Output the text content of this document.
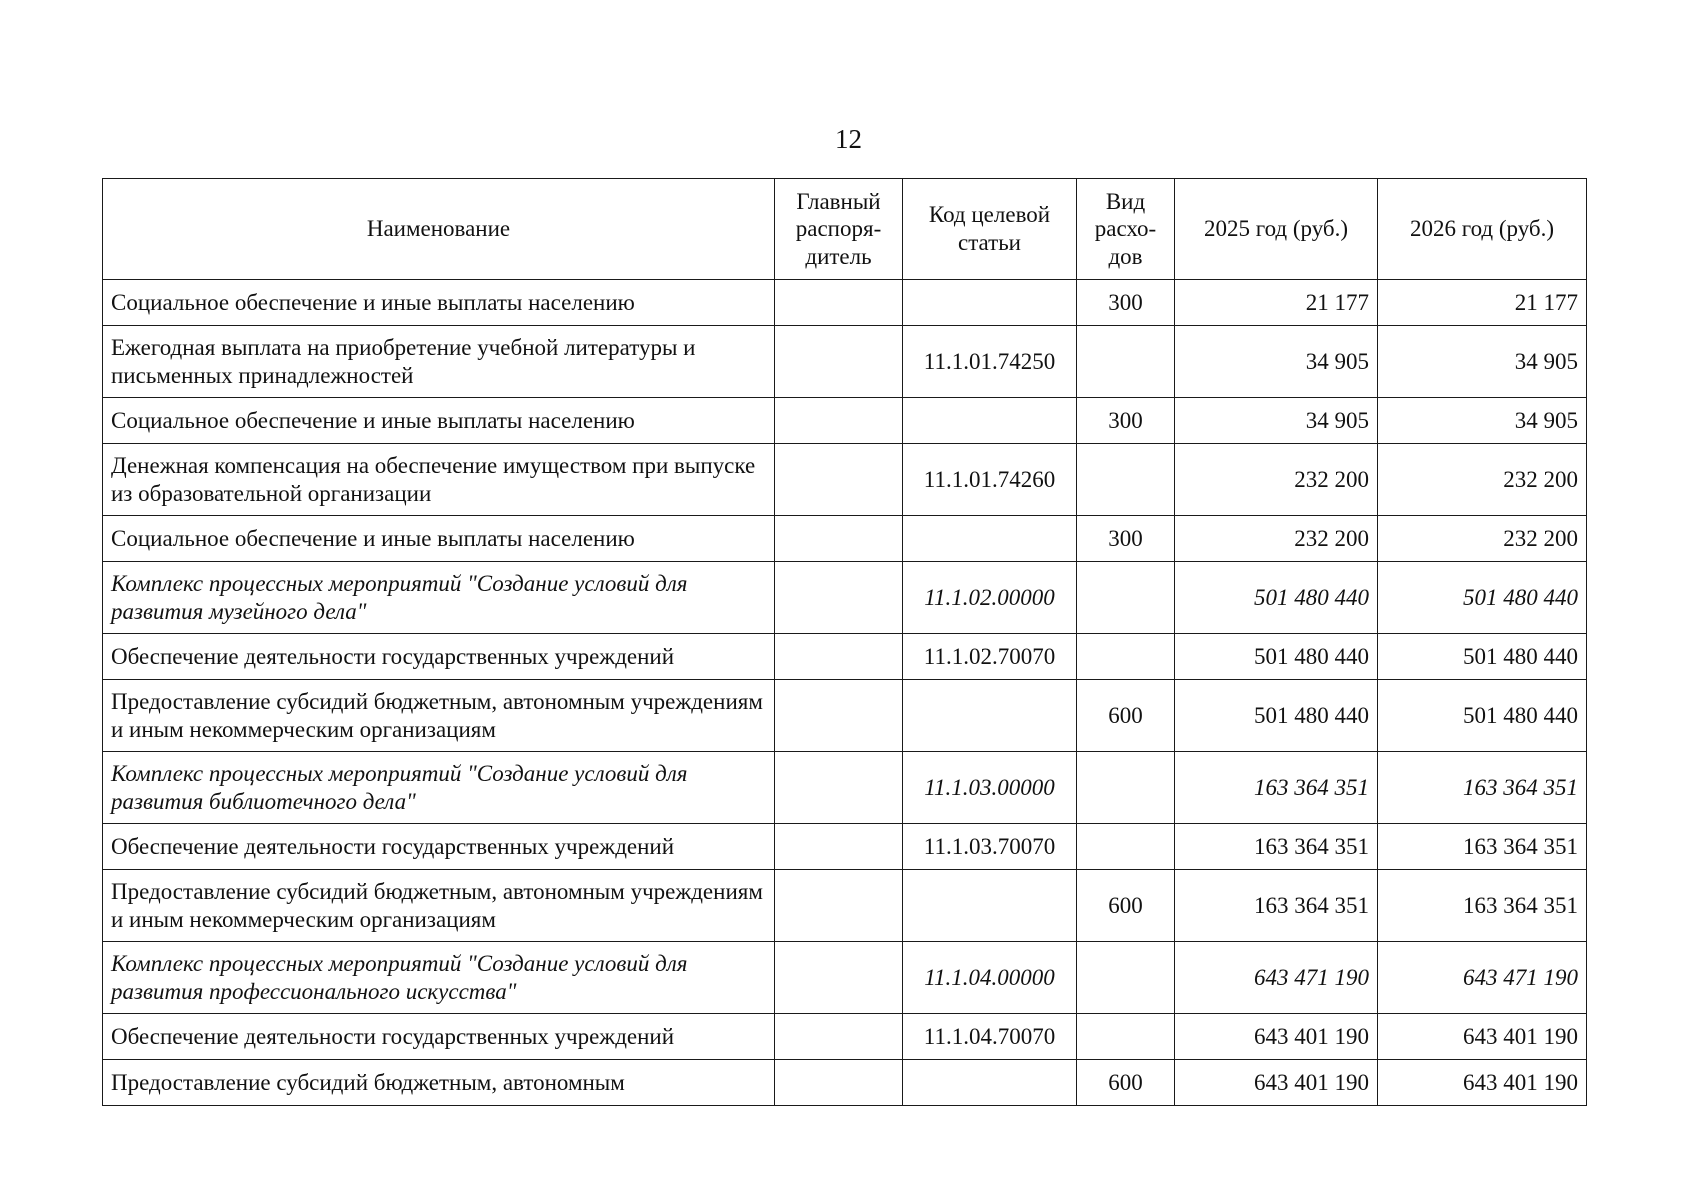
12
Наименование	Главный распоря-дитель	Код целевой статьи	Вид расхо-дов	2025 год (руб.)	2026 год (руб.)
Социальное обеспечение и иные выплаты населению			300	21 177	21 177
Ежегодная выплата на приобретение учебной литературы и письменных принадлежностей		11.1.01.74250		34 905	34 905
Социальное обеспечение и иные выплаты населению			300	34 905	34 905
Денежная компенсация на обеспечение имуществом при выпуске из образовательной организации		11.1.01.74260		232 200	232 200
Социальное обеспечение и иные выплаты населению			300	232 200	232 200
Комплекс процессных мероприятий "Создание условий для развития музейного дела"		11.1.02.00000		501 480 440	501 480 440
Обеспечение деятельности государственных учреждений		11.1.02.70070		501 480 440	501 480 440
Предоставление субсидий бюджетным, автономным учреждениям и иным некоммерческим организациям			600	501 480 440	501 480 440
Комплекс процессных мероприятий "Создание условий для развития библиотечного дела"		11.1.03.00000		163 364 351	163 364 351
Обеспечение деятельности государственных учреждений		11.1.03.70070		163 364 351	163 364 351
Предоставление субсидий бюджетным, автономным учреждениям и иным некоммерческим организациям			600	163 364 351	163 364 351
Комплекс процессных мероприятий "Создание условий для развития профессионального искусства"		11.1.04.00000		643 471 190	643 471 190
Обеспечение деятельности государственных учреждений		11.1.04.70070		643 401 190	643 401 190
Предоставление субсидий бюджетным, автономным			600	643 401 190	643 401 190
